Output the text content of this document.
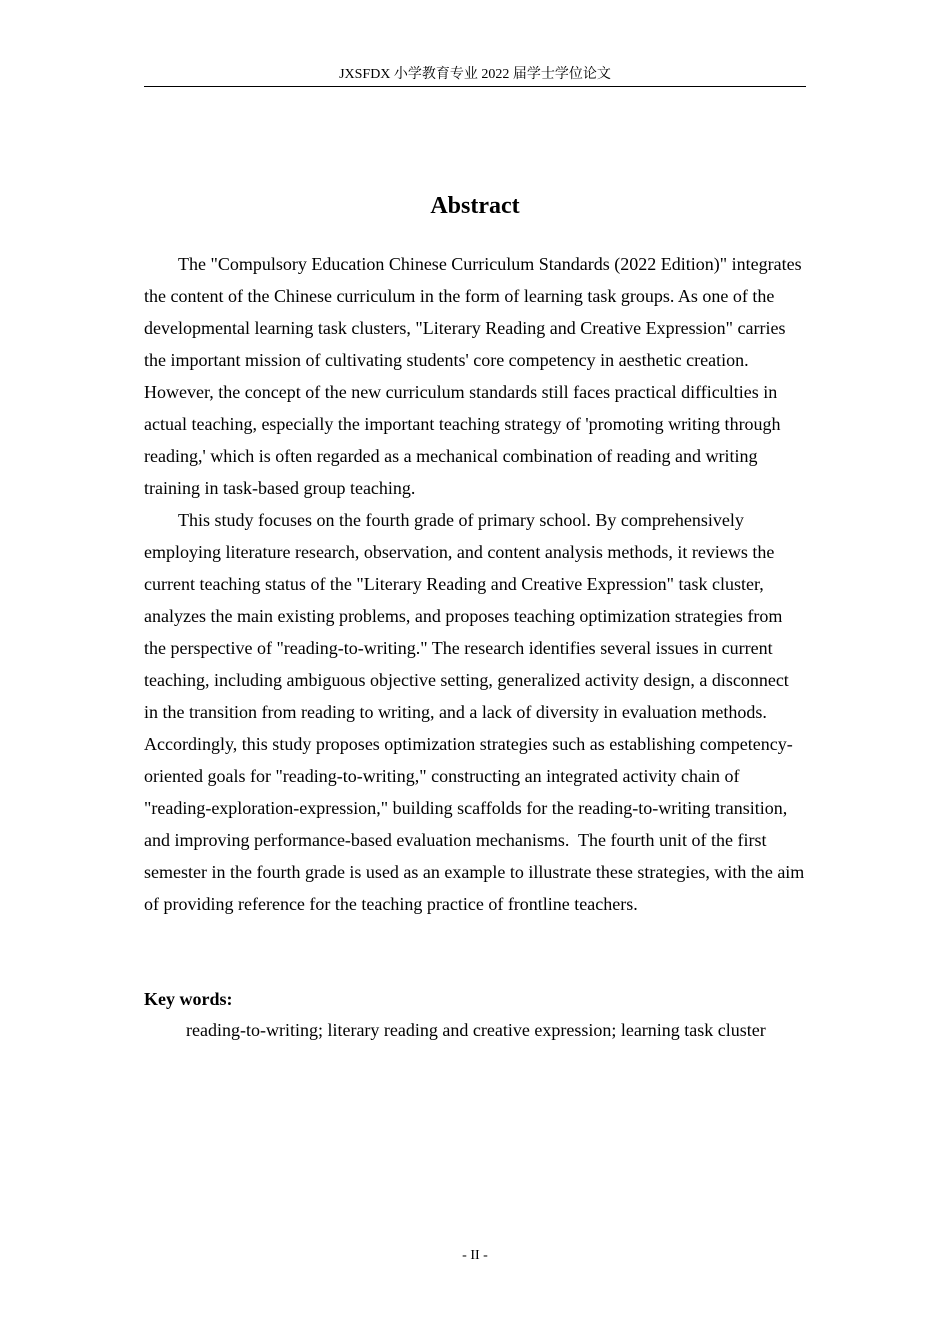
JXSFDX 小学教育专业 2022 届学士学位论文
Abstract

The "Compulsory Education Chinese Curriculum Standards (2022 Edition)" integrates the content of the Chinese curriculum in the form of learning task groups. As one of the developmental learning task clusters, "Literary Reading and Creative Expression" carries the important mission of cultivating students' core competency in aesthetic creation.  However, the concept of the new curriculum standards still faces practical difficulties in actual teaching, especially the important teaching strategy of 'promoting writing through reading,' which is often regarded as a mechanical combination of reading and writing training in task-based group teaching.

This study focuses on the fourth grade of primary school. By comprehensively employing literature research, observation, and content analysis methods, it reviews the current teaching status of the "Literary Reading and Creative Expression" task cluster, analyzes the main existing problems, and proposes teaching optimization strategies from the perspective of "reading-to-writing." The research identifies several issues in current teaching, including ambiguous objective setting, generalized activity design, a disconnect in the transition from reading to writing, and a lack of diversity in evaluation methods. Accordingly, this study proposes optimization strategies such as establishing competency-oriented goals for "reading-to-writing," constructing an integrated activity chain of "reading-exploration-expression," building scaffolds for the reading-to-writing transition, and improving performance-based evaluation mechanisms.  The fourth unit of the first semester in the fourth grade is used as an example to illustrate these strategies, with the aim of providing reference for the teaching practice of frontline teachers.

Key words:
reading-to-writing; literary reading and creative expression; learning task cluster
- II -
